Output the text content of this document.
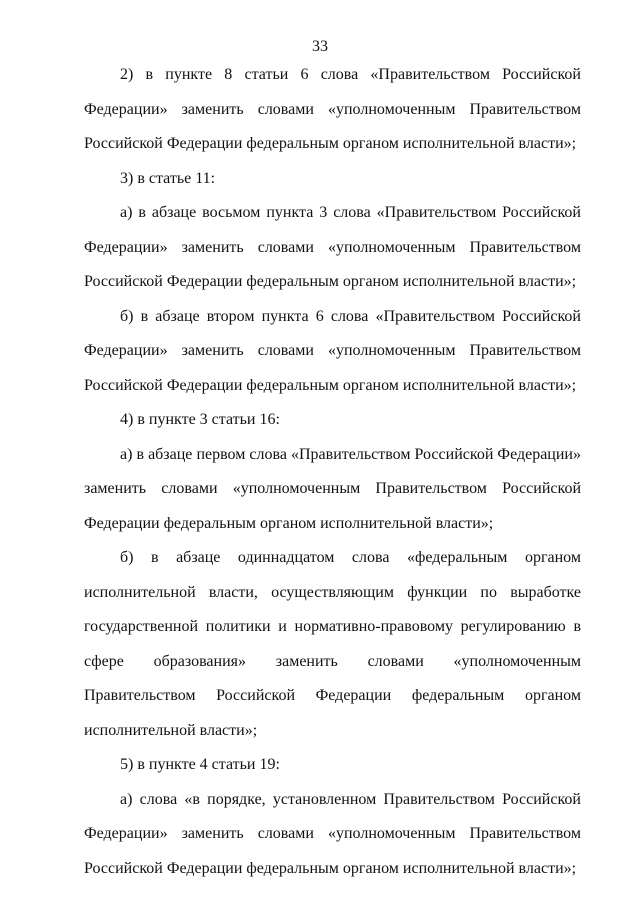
33

2) в пункте 8 статьи 6 слова «Правительством Российской Федерации» заменить словами «уполномоченным Правительством Российской Федерации федеральным органом исполнительной власти»;

3) в статье 11:

а) в абзаце восьмом пункта 3 слова «Правительством Российской Федерации» заменить словами «уполномоченным Правительством Российской Федерации федеральным органом исполнительной власти»;

б) в абзаце втором пункта 6 слова «Правительством Российской Федерации» заменить словами «уполномоченным Правительством Российской Федерации федеральным органом исполнительной власти»;

4) в пункте 3 статьи 16:

а) в абзаце первом слова «Правительством Российской Федерации» заменить словами «уполномоченным Правительством Российской Федерации федеральным органом исполнительной власти»;

б) в абзаце одиннадцатом слова «федеральным органом исполнительной власти, осуществляющим функции по выработке государственной политики и нормативно-правовому регулированию в сфере образования» заменить словами «уполномоченным Правительством Российской Федерации федеральным органом исполнительной власти»;

5) в пункте 4 статьи 19:

а) слова «в порядке, установленном Правительством Российской Федерации» заменить словами «уполномоченным Правительством Российской Федерации федеральным органом исполнительной власти»;
